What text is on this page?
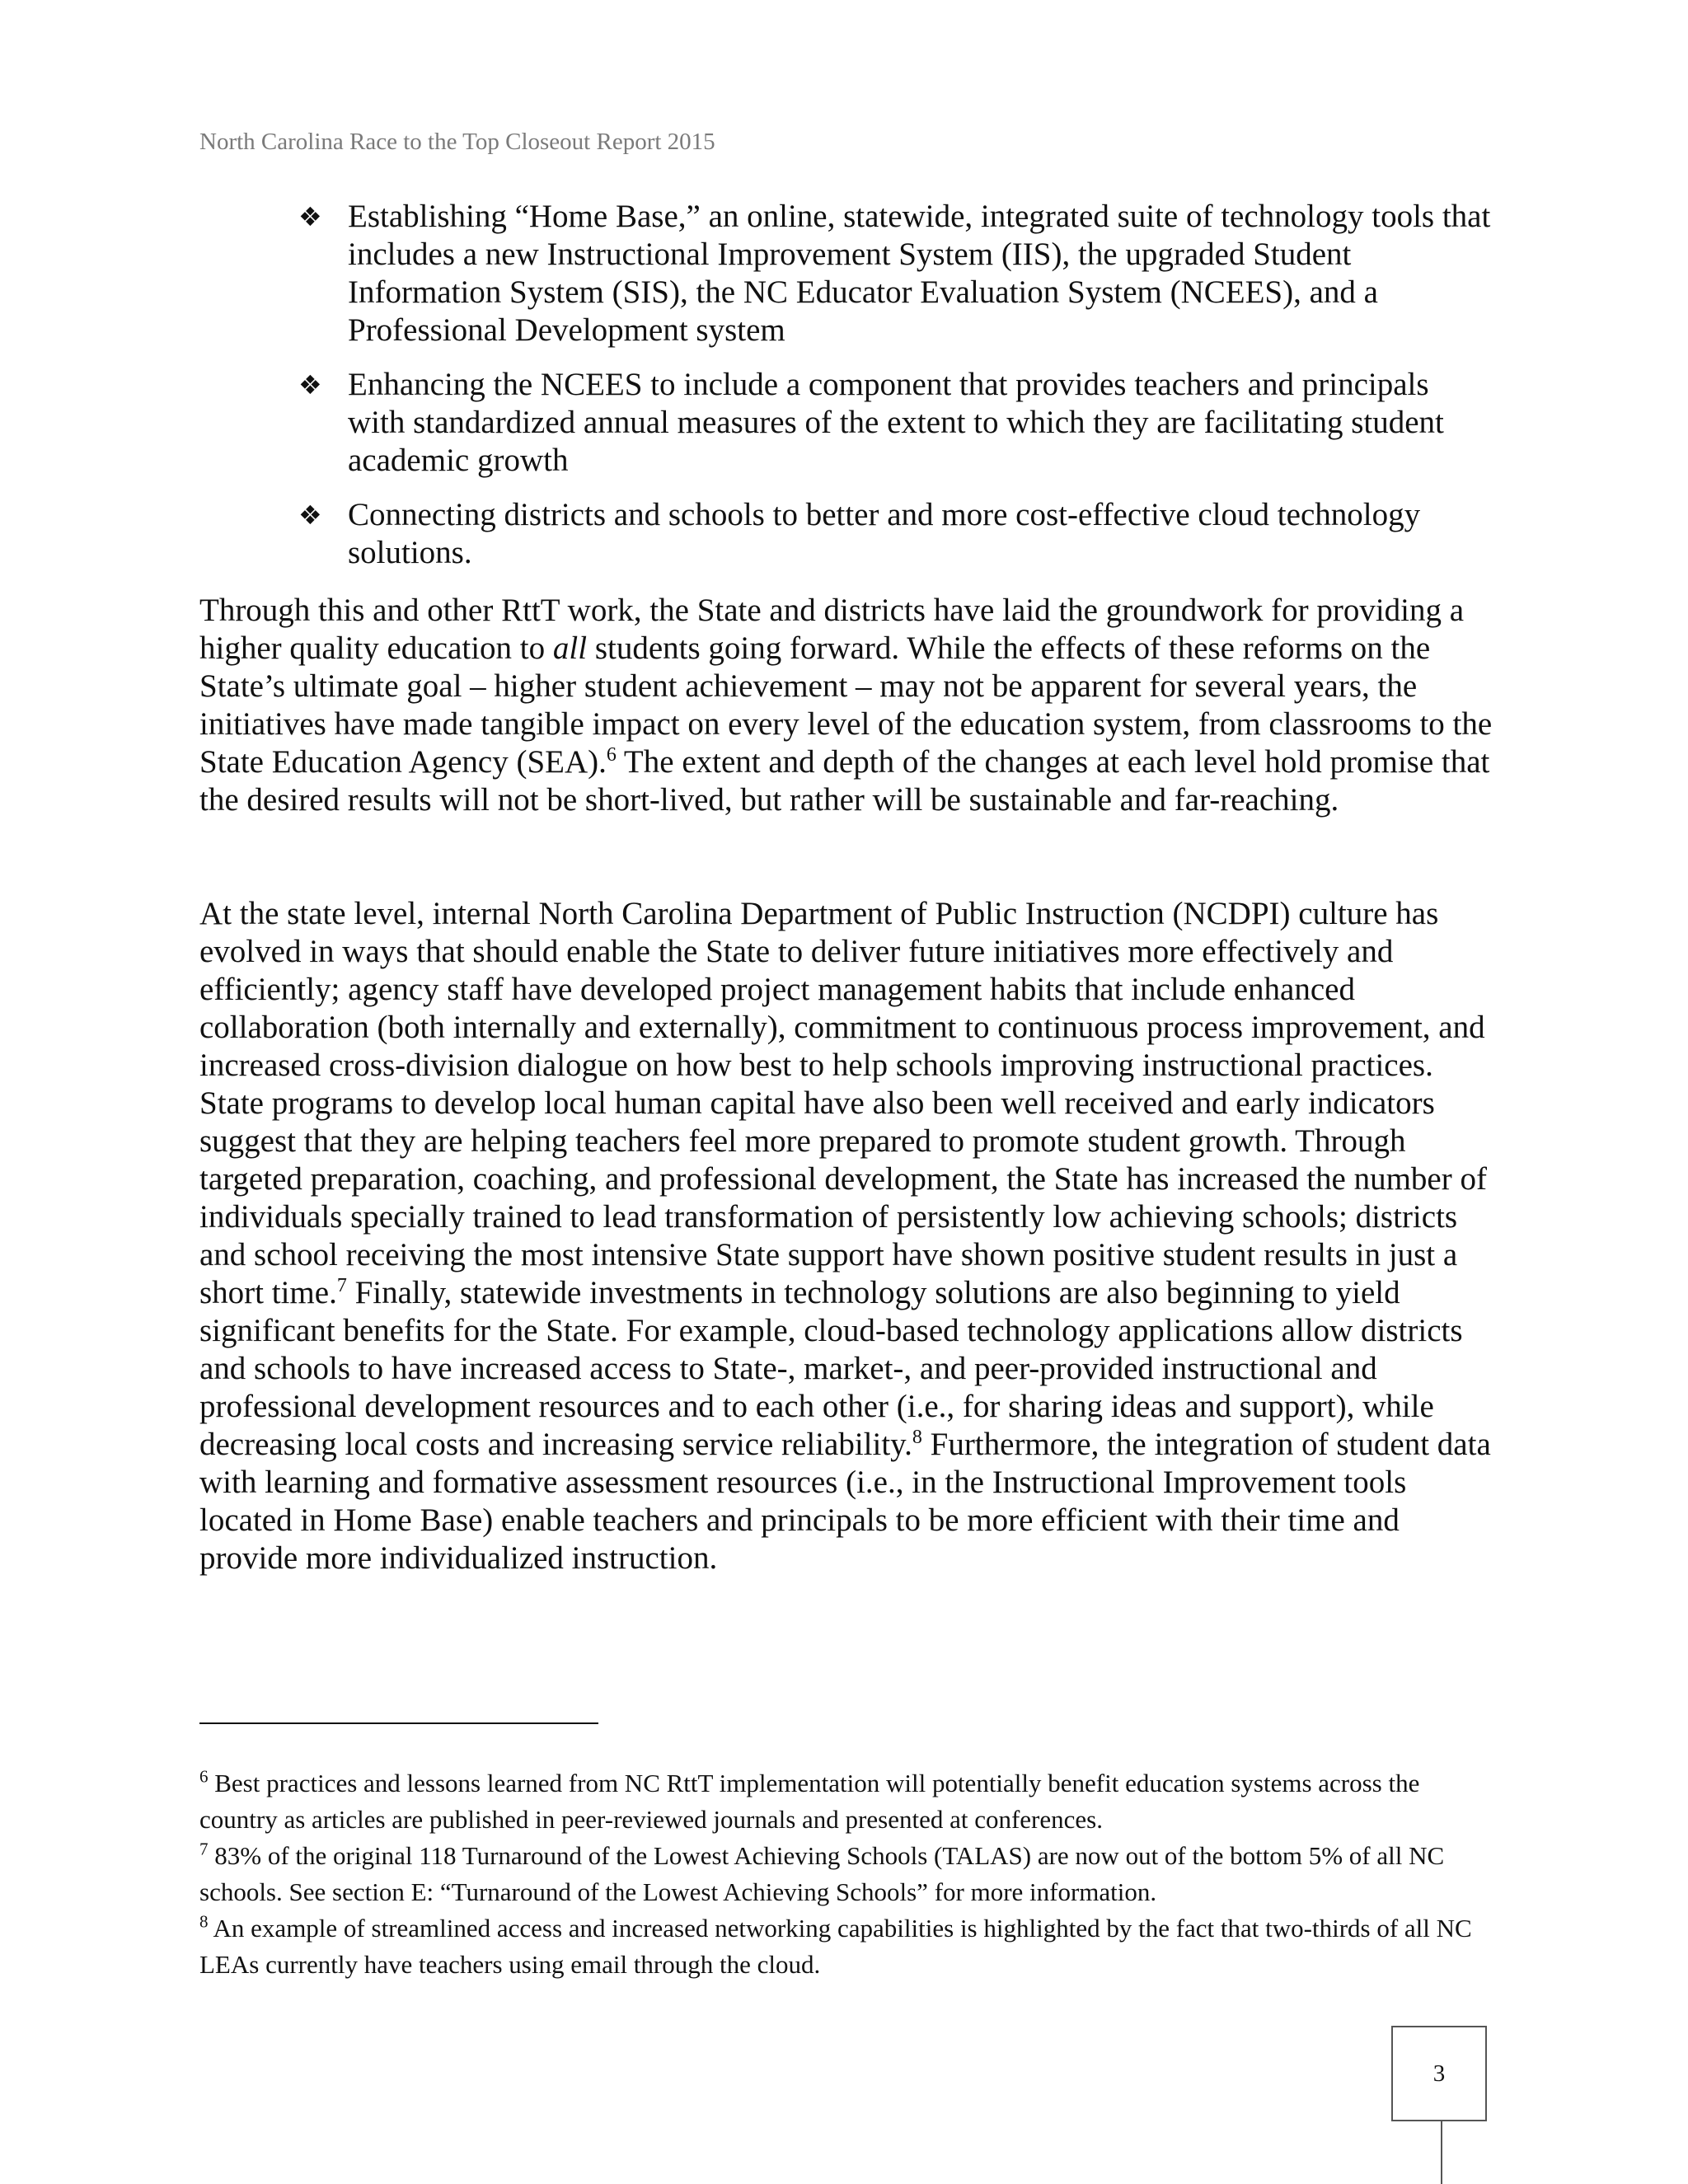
North Carolina Race to the Top Closeout Report 2015
❖ Establishing “Home Base,” an online, statewide, integrated suite of technology tools that includes a new Instructional Improvement System (IIS), the upgraded Student Information System (SIS), the NC Educator Evaluation System (NCEES), and a Professional Development system
❖ Enhancing the NCEES to include a component that provides teachers and principals with standardized annual measures of the extent to which they are facilitating student academic growth
❖ Connecting districts and schools to better and more cost-effective cloud technology solutions.

Through this and other RttT work, the State and districts have laid the groundwork for providing a higher quality education to all students going forward. While the effects of these reforms on the State’s ultimate goal – higher student achievement – may not be apparent for several years, the initiatives have made tangible impact on every level of the education system, from classrooms to the State Education Agency (SEA).$^6$ The extent and depth of the changes at each level hold promise that the desired results will not be short-lived, but rather will be sustainable and far-reaching.

At the state level, internal North Carolina Department of Public Instruction (NCDPI) culture has evolved in ways that should enable the State to deliver future initiatives more effectively and efficiently; agency staff have developed project management habits that include enhanced collaboration (both internally and externally), commitment to continuous process improvement, and increased cross-division dialogue on how best to help schools improving instructional practices. State programs to develop local human capital have also been well received and early indicators suggest that they are helping teachers feel more prepared to promote student growth. Through targeted preparation, coaching, and professional development, the State has increased the number of individuals specially trained to lead transformation of persistently low achieving schools; districts and school receiving the most intensive State support have shown positive student results in just a short time.$^7$ Finally, statewide investments in technology solutions are also beginning to yield significant benefits for the State. For example, cloud-based technology applications allow districts and schools to have increased access to State-, market-, and peer-provided instructional and professional development resources and to each other (i.e., for sharing ideas and support), while decreasing local costs and increasing service reliability.$^8$ Furthermore, the integration of student data with learning and formative assessment resources (i.e., in the Instructional Improvement tools located in Home Base) enable teachers and principals to be more efficient with their time and provide more individualized instruction.

$^6$ Best practices and lessons learned from NC RttT implementation will potentially benefit education systems across the country as articles are published in peer-reviewed journals and presented at conferences.

$^7$ 83% of the original 118 Turnaround of the Lowest Achieving Schools (TALAS) are now out of the bottom 5% of all NC schools. See section E: “Turnaround of the Lowest Achieving Schools” for more information.

$^8$ An example of streamlined access and increased networking capabilities is highlighted by the fact that two-thirds of all NC LEAs currently have teachers using email through the cloud.

3
